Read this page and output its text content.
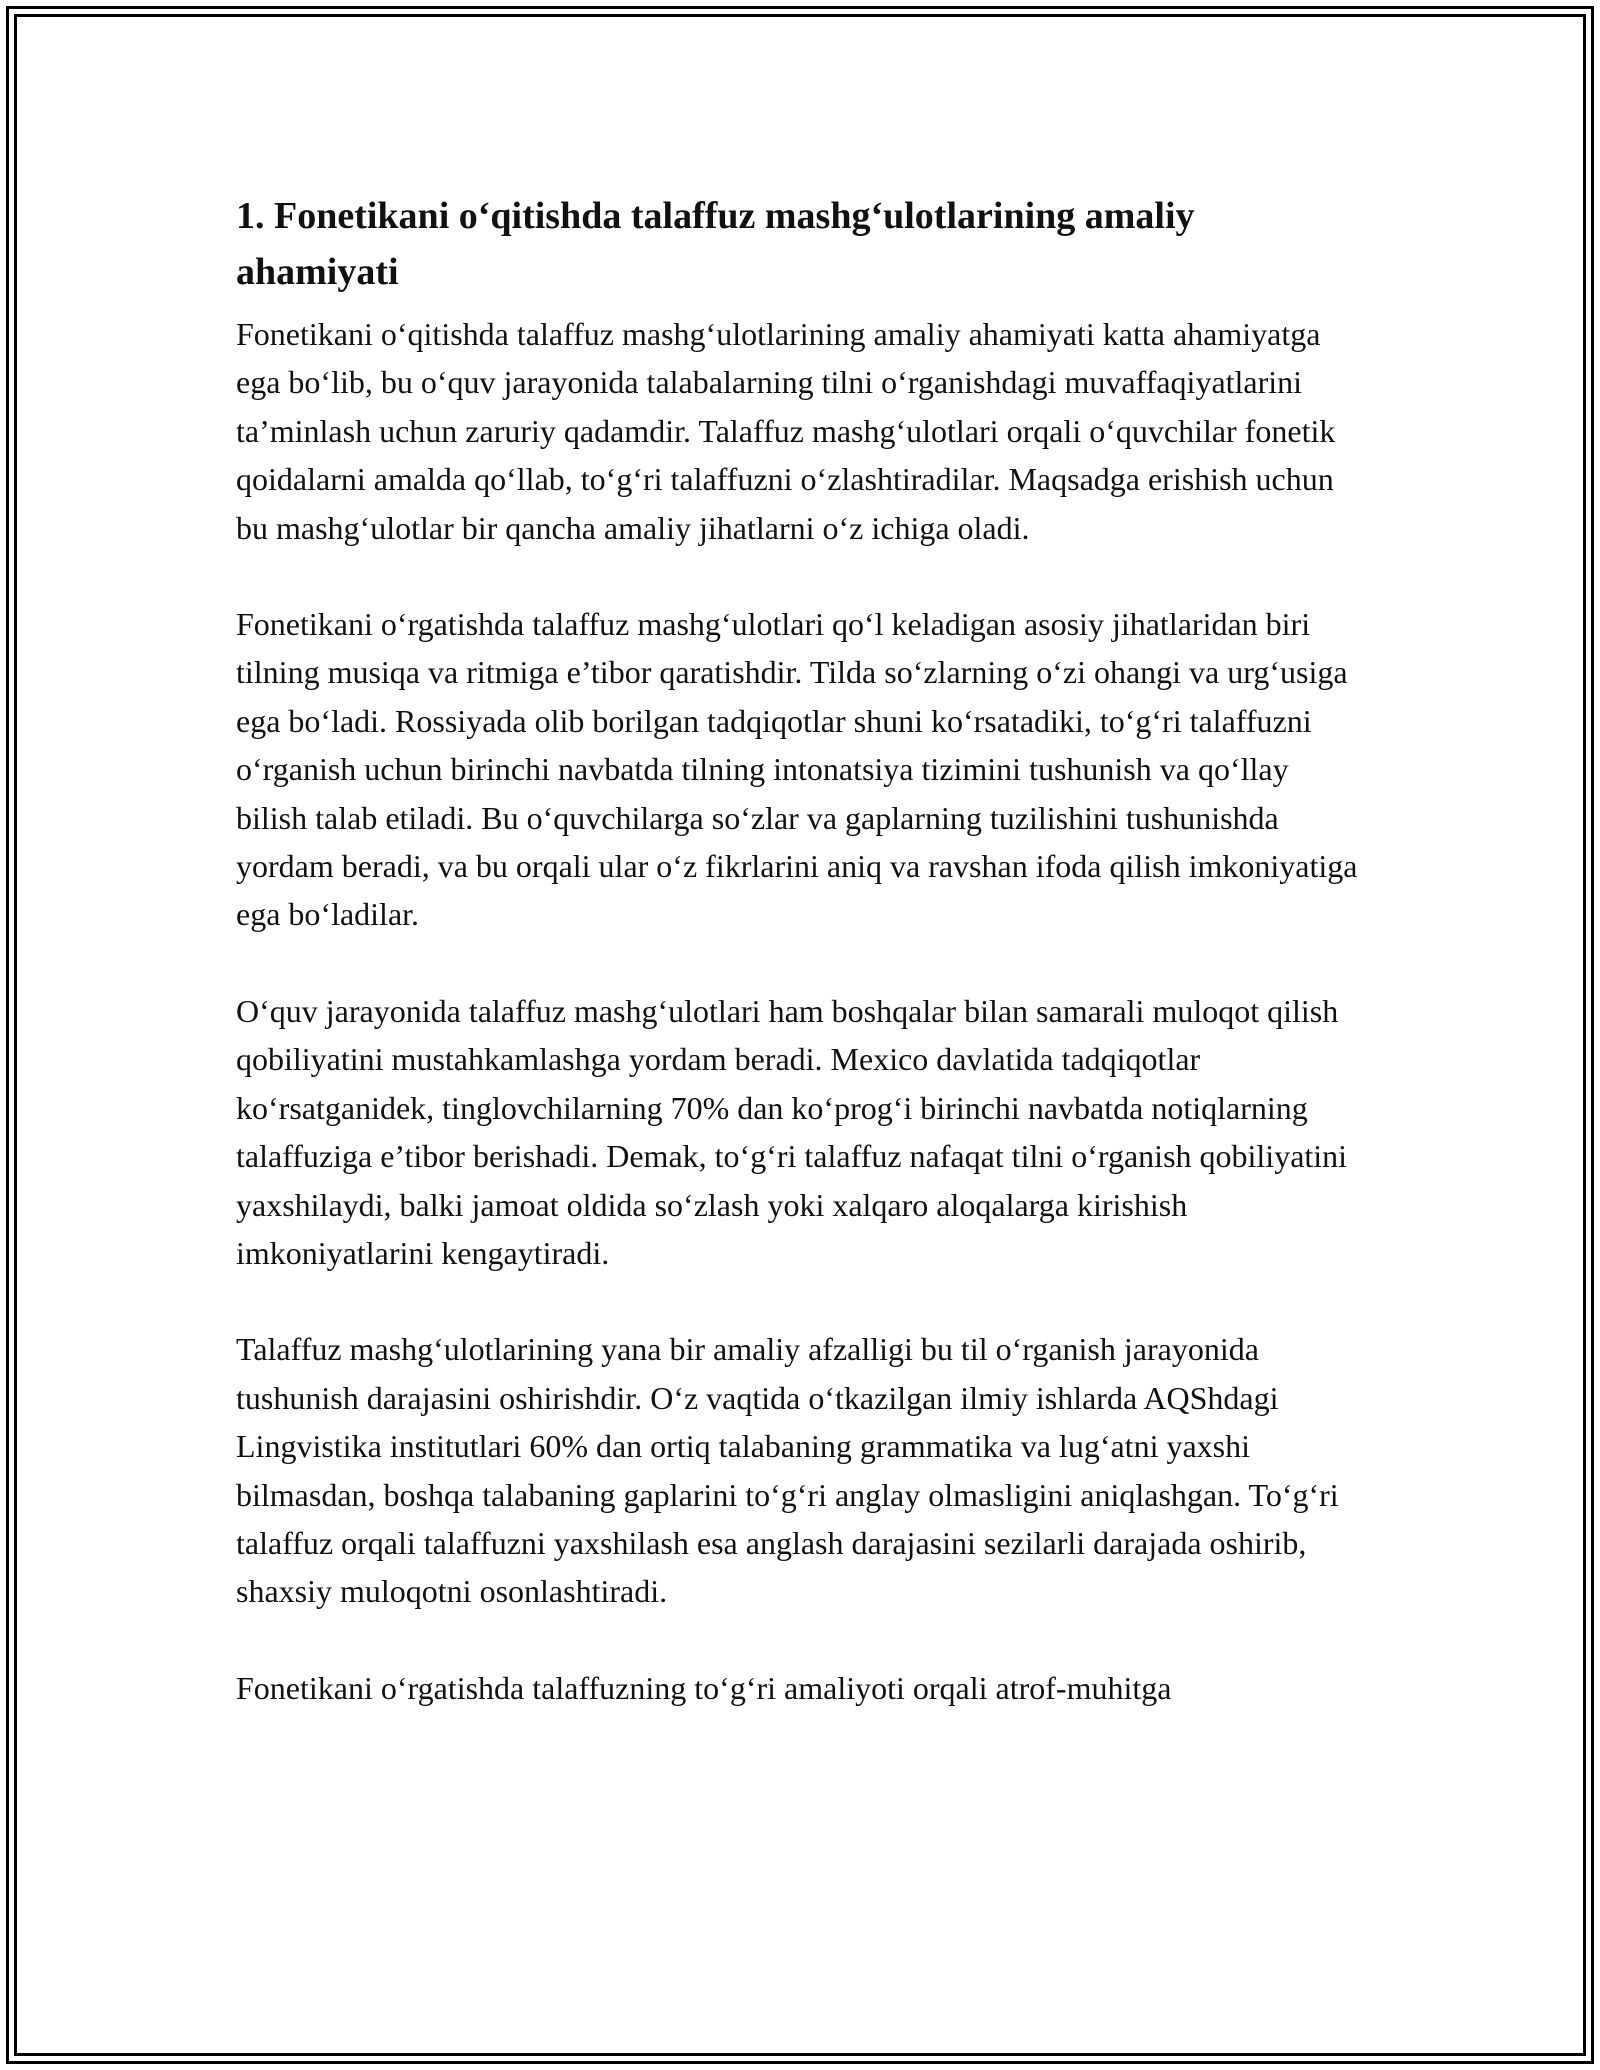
1. Fonetikani o‘qitishda talaffuz mashg‘ulotlarining amaliy ahamiyati

Fonetikani o‘qitishda talaffuz mashg‘ulotlarining amaliy ahamiyati katta ahamiyatga ega bo‘lib, bu o‘quv jarayonida talabalarning tilni o‘rganishdagi muvaffaqiyatlarini ta’minlash uchun zaruriy qadamdir. Talaffuz mashg‘ulotlari orqali o‘quvchilar fonetik qoidalarni amalda qo‘llab, to‘g‘ri talaffuzni o‘zlashtiradilar. Maqsadga erishish uchun bu mashg‘ulotlar bir qancha amaliy jihatlarni o‘z ichiga oladi.

Fonetikani o‘rgatishda talaffuz mashg‘ulotlari qo‘l keladigan asosiy jihatlaridan biri tilning musiqa va ritmiga e’tibor qaratishdir. Tilda so‘zlarning o‘zi ohangi va urg‘usiga ega bo‘ladi. Rossiyada olib borilgan tadqiqotlar shuni ko‘rsatadiki, to‘g‘ri talaffuzni o‘rganish uchun birinchi navbatda tilning intonatsiya tizimini tushunish va qo‘llay bilish talab etiladi. Bu o‘quvchilarga so‘zlar va gaplarning tuzilishini tushunishda yordam beradi, va bu orqali ular o‘z fikrlarini aniq va ravshan ifoda qilish imkoniyatiga ega bo‘ladilar.

O‘quv jarayonida talaffuz mashg‘ulotlari ham boshqalar bilan samarali muloqot qilish qobiliyatini mustahkamlashga yordam beradi. Mexico davlatida tadqiqotlar ko‘rsatganidek, tinglovchilarning 70% dan ko‘prog‘i birinchi navbatda notiqlarning talaffuziga e’tibor berishadi. Demak, to‘g‘ri talaffuz nafaqat tilni o‘rganish qobiliyatini yaxshilaydi, balki jamoat oldida so‘zlash yoki xalqaro aloqalarga kirishish imkoniyatlarini kengaytiradi.

Talaffuz mashg‘ulotlarining yana bir amaliy afzalligi bu til o‘rganish jarayonida tushunish darajasini oshirishdir. O‘z vaqtida o‘tkazilgan ilmiy ishlarda AQShdagi Lingvistika institutlari 60% dan ortiq talabaning grammatika va lug‘atni yaxshi bilmasdan, boshqa talabaning gaplarini to‘g‘ri anglay olmasligini aniqlashgan. To‘g‘ri talaffuz orqali talaffuzni yaxshilash esa anglash darajasini sezilarli darajada oshirib, shaxsiy muloqotni osonlashtiradi.

Fonetikani o‘rgatishda talaffuzning to‘g‘ri amaliyoti orqali atrof-muhitga
